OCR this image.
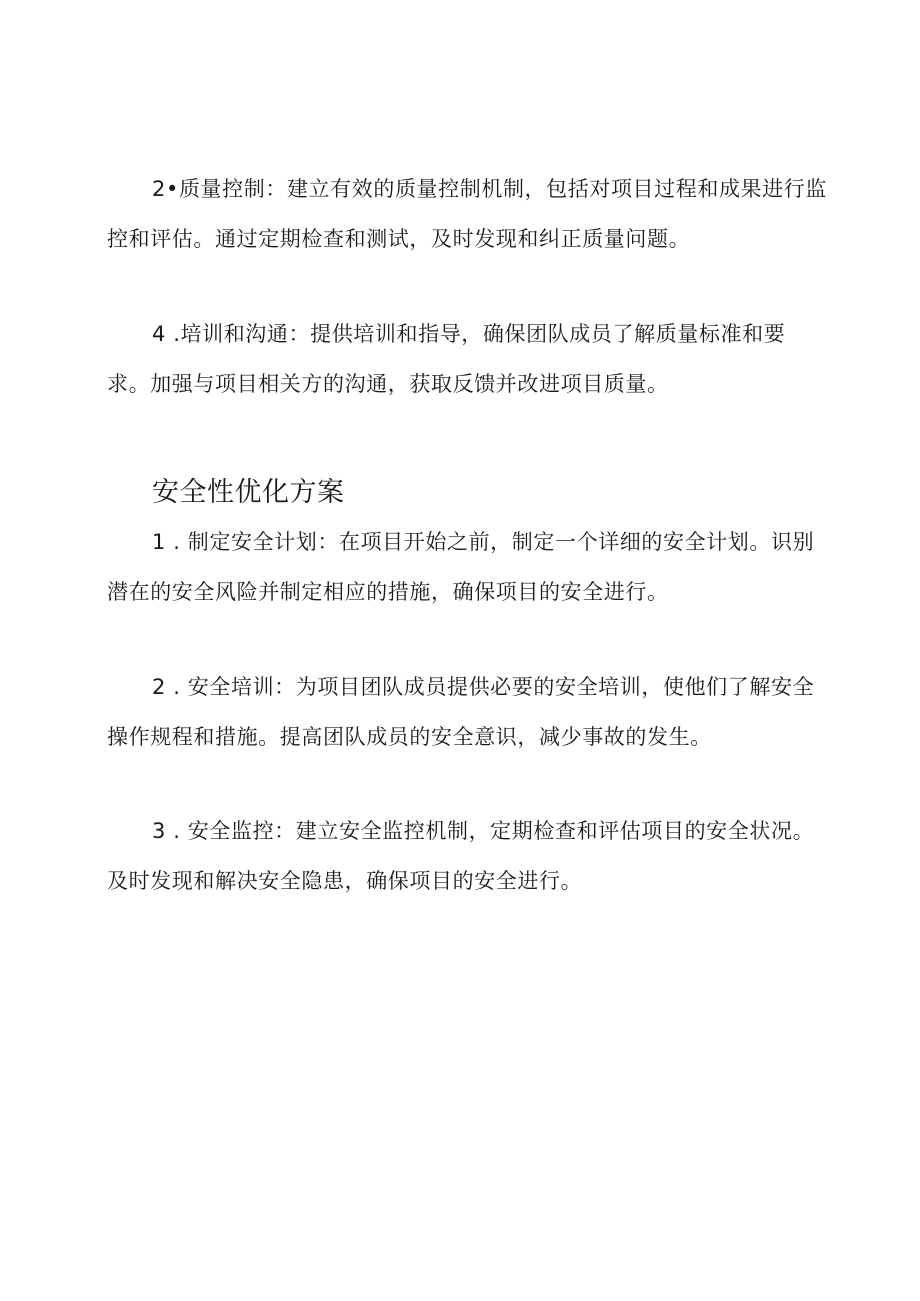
2•质量控制：建立有效的质量控制机制，包括对项目过程和成果进行监控和评估。通过定期检查和测试，及时发现和纠正质量问题。

4 .培训和沟通：提供培训和指导，确保团队成员了解质量标准和要求。加强与项目相关方的沟通，获取反馈并改进项目质量。

安全性优化方案

1 . 制定安全计划：在项目开始之前，制定一个详细的安全计划。识别潜在的安全风险并制定相应的措施，确保项目的安全进行。

2 . 安全培训：为项目团队成员提供必要的安全培训，使他们了解安全操作规程和措施。提高团队成员的安全意识，减少事故的发生。

3 . 安全监控：建立安全监控机制，定期检查和评估项目的安全状况。及时发现和解决安全隐患，确保项目的安全进行。
